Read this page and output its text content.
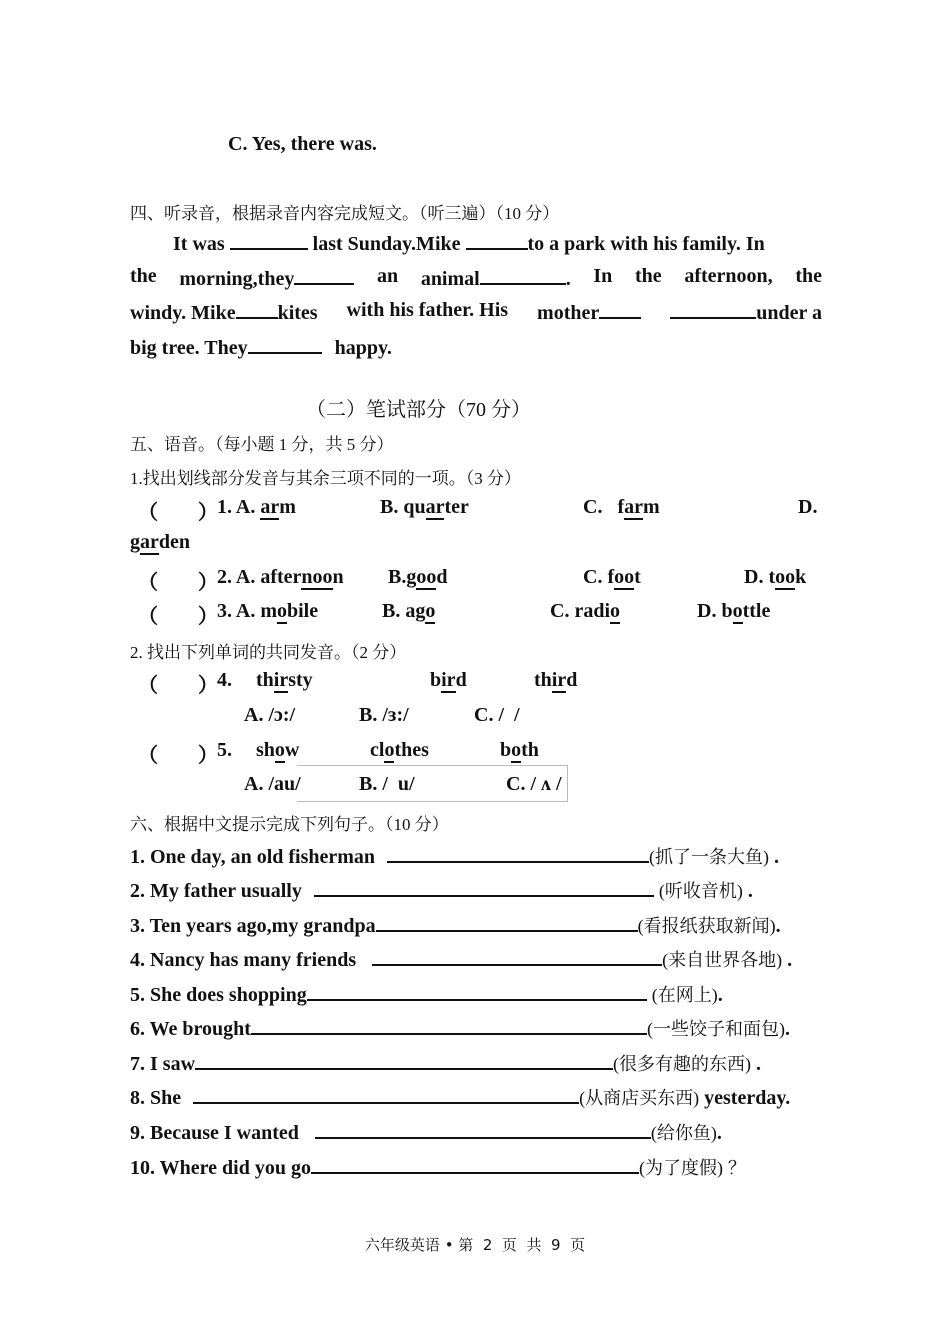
C. Yes, there was.
四、听录音，根据录音内容完成短文。（听三遍）（10 分）
It was	last Sunday.Mike	to a park with his family. In
the morning,they	an animal	. In the afternoon, the
windy. Mike kites with his father. His mother	under a
big tree. They	happy.
（二）笔试部分（70 分）
五、语音。（每小题 1 分，共 5 分）
1.找出划线部分发音与其余三项不同的一项。（3 分）
（　　） 1. A. arm	B. quarter	C.   farm	D.
garden
（　　） 2. A. afternoon B.good	C. foot	D. took
（　　） 3. A. mobile	B. ago	C. radio	D. bottle
2. 找出下列单词的共同发音。（2 分）
（　　） 4. thirsty	bird	third
A. /ɔ:/	B. /ɜ:/	C. /  /
（　　） 5. show	clothes	both
A. /au/	B. /  u/	C. / ʌ /
六、根据中文提示完成下列句子。（10 分）
1. One day, an old fisherman	(抓了一条大鱼) .
2. My father usually	(听收音机) .
3. Ten years ago,my grandpa	(看报纸获取新闻).
4. Nancy has many friends	(来自世界各地) .
5. She does shopping	(在网上).
6. We brought	(一些饺子和面包).
7. I saw	(很多有趣的东西) .
8. She	(从商店买东西) yesterday.
9. Because I wanted	(给你鱼).
10. Where did you go	(为了度假) ？
六年级英语 • 第  2  页  共  9  页
